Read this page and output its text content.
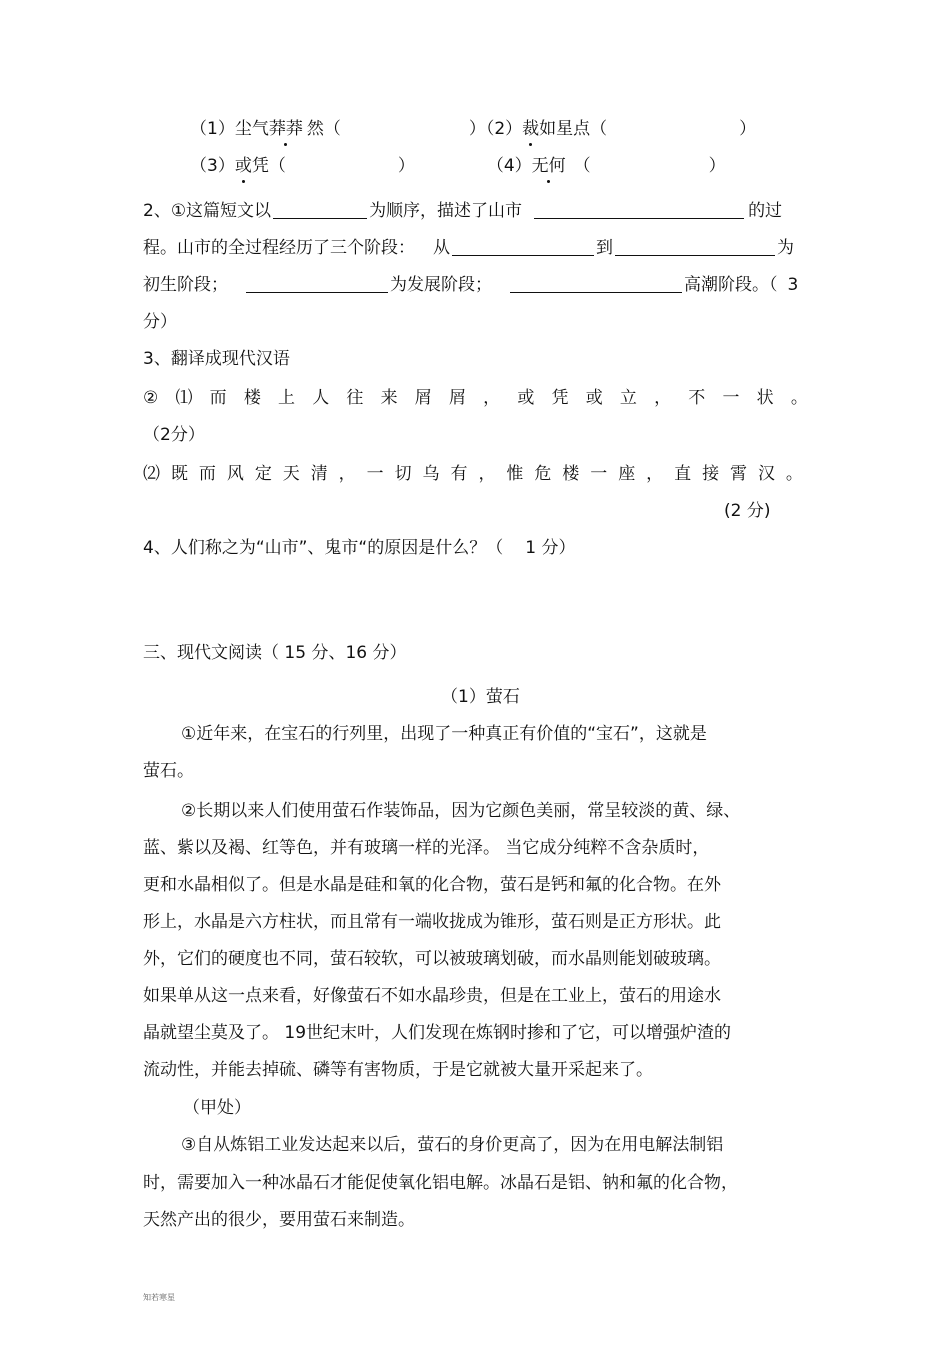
（1）尘气莽莽 然（	）（2）裁如星点（	）
（3）或凭（	）	（4）无何 （	）
2、①这篇短文以	为顺序，描述了山市	的过
程。山市的全过程经历了三个阶段： 从	到	为
初生阶段；	为发展阶段；	高潮阶段。（ 3
分）
3、翻译成现代汉语
② ⑴ 而 楼 上 人 往 来 屑 屑 ， 或 凭 或 立 ， 不 一 状 。
（2分）
⑵ 既 而 风 定 天 清 ， 一 切 乌 有 ， 惟 危 楼 一 座 ， 直 接 霄 汉 。
(2 分)
4、人们称之为“山市”、鬼市“的原因是什么？（ 1 分）
三、现代文阅读（ 15 分、16 分）
（1）萤石
①近年来，在宝石的行列里，出现了一种真正有价值的“宝石”，这就是
萤石。
②长期以来人们使用萤石作装饰品，因为它颜色美丽，常呈较淡的黄、绿、
蓝、紫以及褐、红等色，并有玻璃一样的光泽。 当它成分纯粹不含杂质时，
更和水晶相似了。但是水晶是硅和氧的化合物，萤石是钙和氟的化合物。在外
形上，水晶是六方柱状，而且常有一端收拢成为锥形，萤石则是正方形状。此
外，它们的硬度也不同，萤石较软，可以被玻璃划破，而水晶则能划破玻璃。
如果单从这一点来看，好像萤石不如水晶珍贵，但是在工业上，萤石的用途水
晶就望尘莫及了。 19世纪末叶，人们发现在炼钢时掺和了它，可以增强炉渣的
流动性，并能去掉硫、磷等有害物质，于是它就被大量开采起来了。
（甲处）
③自从炼铝工业发达起来以后，萤石的身价更高了，因为在用电解法制铝
时，需要加入一种冰晶石才能促使氧化铝电解。冰晶石是铝、钠和氟的化合物，
天然产出的很少，要用萤石来制造。
知若寒星
